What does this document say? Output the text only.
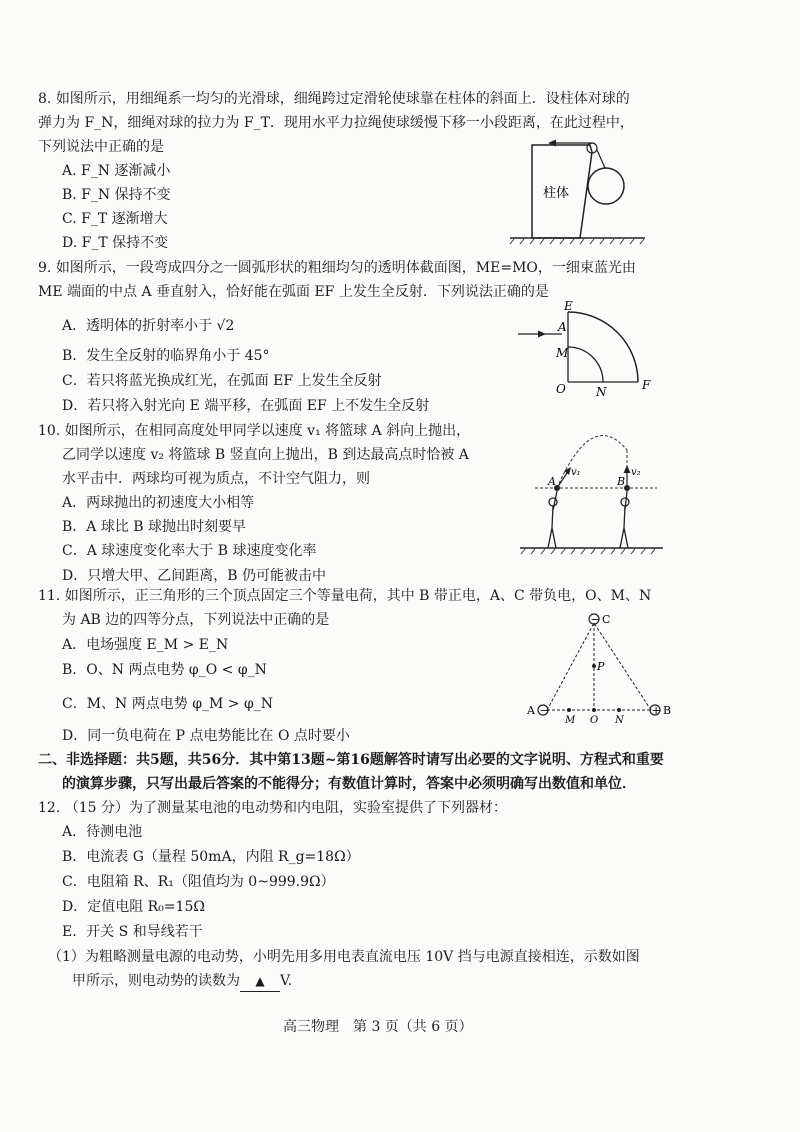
8. 如图所示，用细绳系一均匀的光滑球，细绳跨过定滑轮使球靠在柱体的斜面上．设柱体对球的
弹力为 F_N，细绳对球的拉力为 F_T．现用水平力拉绳使球缓慢下移一小段距离，在此过程中，
下列说法中正确的是
A. F_N 逐渐减小
B. F_N 保持不变
C. F_T 逐渐增大
D. F_T 保持不变
柱体
9. 如图所示，一段弯成四分之一圆弧形状的粗细均匀的透明体截面图，ME=MO，一细束蓝光由
ME 端面的中点 A 垂直射入，恰好能在弧面 EF 上发生全反射．下列说法正确的是
A．透明体的折射率小于 √2
B．发生全反射的临界角小于 45°
C．若只将蓝光换成红光，在弧面 EF 上发生全反射
D．若只将入射光向 E 端平移，在弧面 EF 上不发生全反射
E
A
M
O	N	F
10. 如图所示，在相同高度处甲同学以速度 v₁ 将篮球 A 斜向上抛出，
乙同学以速度 v₂ 将篮球 B 竖直向上抛出，B 到达最高点时恰被 A
水平击中．两球均可视为质点，不计空气阻力，则
A．两球抛出的初速度大小相等
B．A 球比 B 球抛出时刻要早
C．A 球速度变化率大于 B 球速度变化率
D．只增大甲、乙间距离，B 仍可能被击中
A	B
v₁	v₂
11. 如图所示，正三角形的三个顶点固定三个等量电荷，其中 B 带正电，A、C 带负电，O、M、N
为 AB 边的四等分点，下列说法中正确的是
A．电场强度 E_M > E_N
B．O、N 两点电势 φ_O < φ_N
C．M、N 两点电势 φ_M > φ_N
D．同一负电荷在 P 点电势能比在 O 点时要小
−
−	+
C
P
A
M O N
B
二、非选择题：共5题，共56分．其中第13题~第16题解答时请写出必要的文字说明、方程式和重要
的演算步骤，只写出最后答案的不能得分；有数值计算时，答案中必须明确写出数值和单位．
12. （15 分）为了测量某电池的电动势和内电阻，实验室提供了下列器材：
A．待测电池
B．电流表 G（量程 50mA，内阻 R_g=18Ω）
C．电阻箱 R、R₁（阻值均为 0~999.9Ω）
D．定值电阻 R₀=15Ω
E．开关 S 和导线若干
（1）为粗略测量电源的电动势，小明先用多用电表直流电压 10V 挡与电源直接相连，示数如图
甲所示，则电动势的读数为 ▲ V.
高三物理　第 3 页（共 6 页）
